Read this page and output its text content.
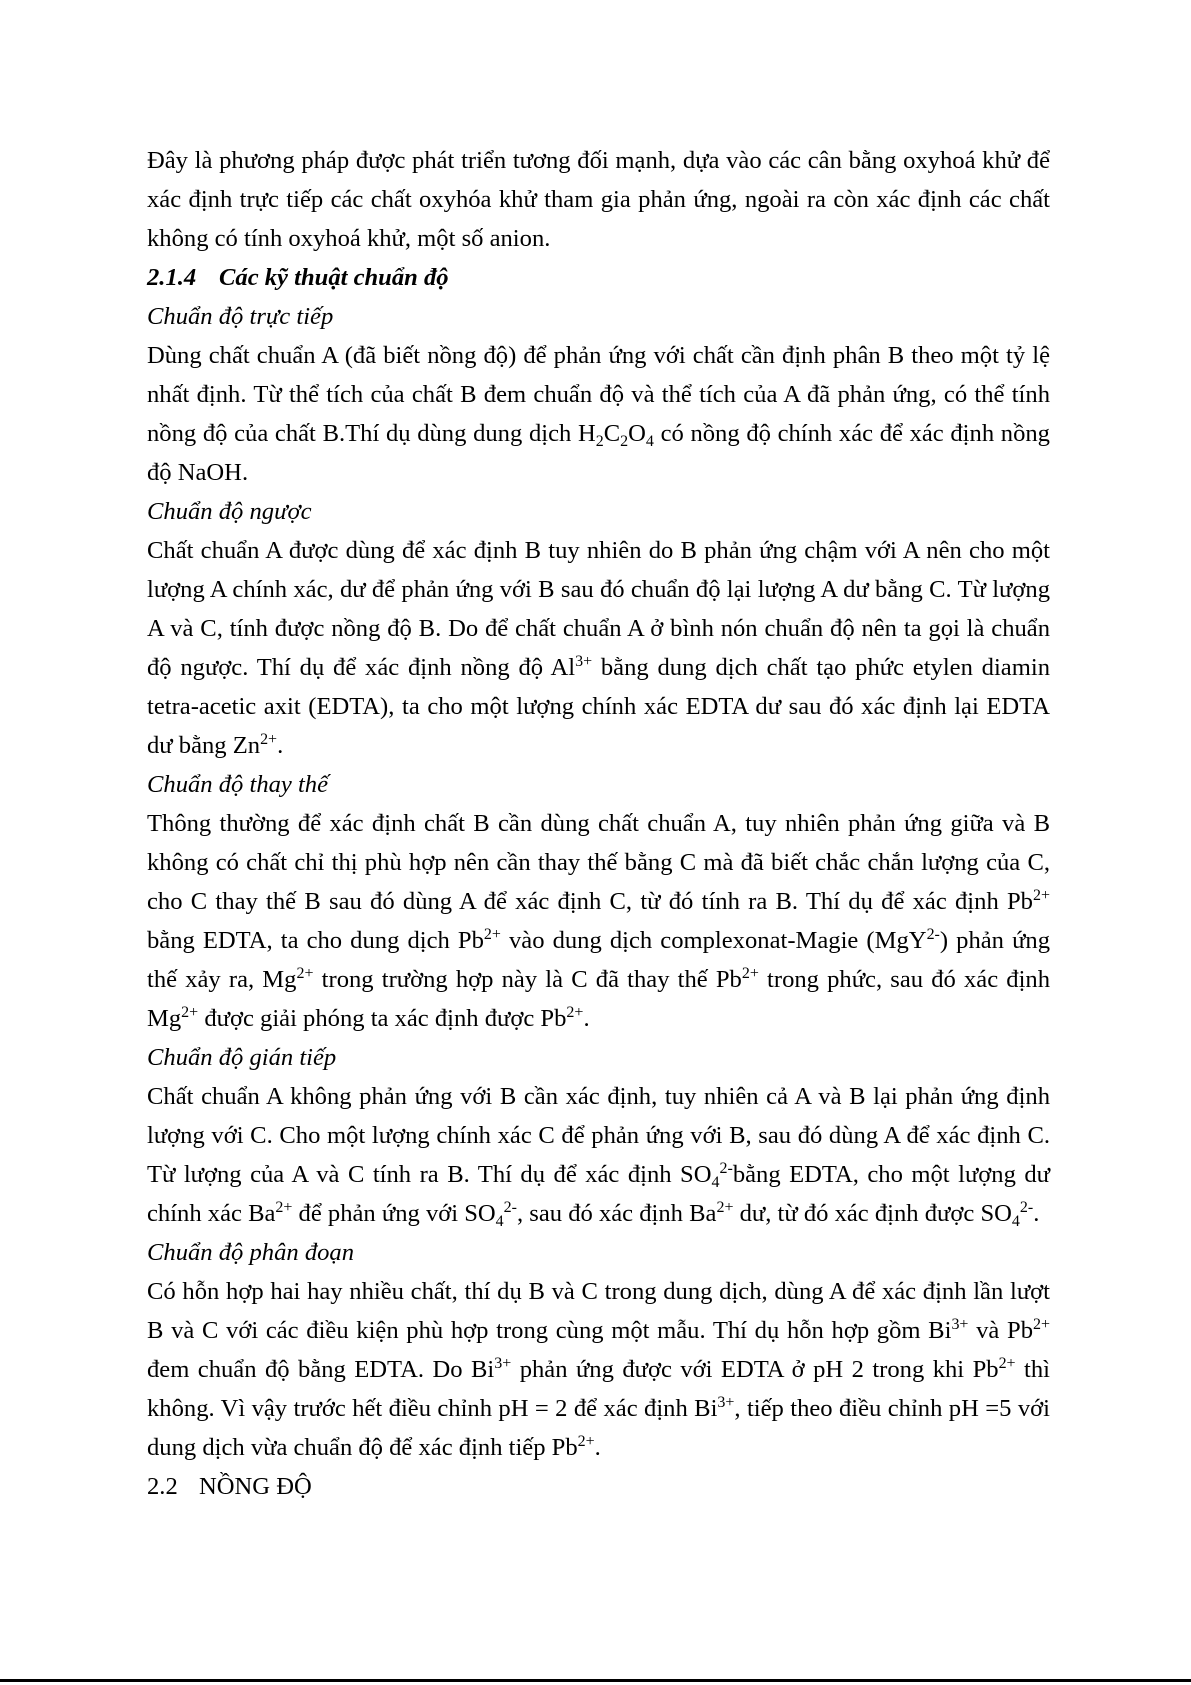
Đây là phương pháp được phát triển tương đối mạnh, dựa vào các cân bằng oxyhoá khử để xác định trực tiếp các chất oxyhóa khử tham gia phản ứng, ngoài ra còn xác định các chất không có tính oxyhoá khử, một số anion.

2.1.4 Các kỹ thuật chuẩn độ

Chuẩn độ trực tiếp

Dùng chất chuẩn A (đã biết nồng độ) để phản ứng với chất cần định phân B theo một tỷ lệ nhất định. Từ thể tích của chất B đem chuẩn độ và thể tích của A đã phản ứng, có thể tính nồng độ của chất B.Thí dụ dùng dung dịch $H_2C_2O_4$ có nồng độ chính xác để xác định nồng độ NaOH.

Chuẩn độ ngược

Chất chuẩn A được dùng để xác định B tuy nhiên do B phản ứng chậm với A nên cho một lượng A chính xác, dư để phản ứng với B sau đó chuẩn độ lại lượng A dư bằng C. Từ lượng A và C, tính được nồng độ B. Do để chất chuẩn A ở bình nón chuẩn độ nên ta gọi là chuẩn độ ngược. Thí dụ để xác định nồng độ $Al^{3+}$ bằng dung dịch chất tạo phức etylen diamin tetra-acetic axit (EDTA), ta cho một lượng chính xác EDTA dư sau đó xác định lại EDTA dư bằng $Zn^{2+}$.

Chuẩn độ thay thế

Thông thường để xác định chất B cần dùng chất chuẩn A, tuy nhiên phản ứng giữa và B không có chất chỉ thị phù hợp nên cần thay thế bằng C mà đã biết chắc chắn lượng của C, cho C thay thế B sau đó dùng A để xác định C, từ đó tính ra B. Thí dụ để xác định $Pb^{2+}$ bằng EDTA, ta cho dung dịch $Pb^{2+}$ vào dung dịch complexonat-Magie (MgY$^{2-}$) phản ứng thế xảy ra, $Mg^{2+}$ trong trường hợp này là C đã thay thế $Pb^{2+}$ trong phức, sau đó xác định $Mg^{2+}$ được giải phóng ta xác định được $Pb^{2+}$.

Chuẩn độ gián tiếp

Chất chuẩn A không phản ứng với B cần xác định, tuy nhiên cả A và B lại phản ứng định lượng với C. Cho một lượng chính xác C để phản ứng với B, sau đó dùng A để xác định C. Từ lượng của A và C tính ra B. Thí dụ để xác định $SO_4^{2-}bằng$ EDTA, cho một lượng dư chính xác $Ba^{2+}$ để phản ứng với $SO_4^{2-}$, sau đó xác định $Ba^{2+}$ dư, từ đó xác định được $SO_4^{2-}$.

Chuẩn độ phân đoạn

Có hỗn hợp hai hay nhiều chất, thí dụ B và C trong dung dịch, dùng A để xác định lần lượt B và C với các điều kiện phù hợp trong cùng một mẫu. Thí dụ hỗn hợp gồm $Bi^{3+}$ và $Pb^{2+}$ đem chuẩn độ bằng EDTA. Do $Bi^{3+}$ phản ứng được với EDTA ở pH 2 trong khi $Pb^{2+}$ thì không. Vì vậy trước hết điều chỉnh pH = 2 để xác định $Bi^{3+}$, tiếp theo điều chỉnh pH =5 với dung dịch vừa chuẩn độ để xác định tiếp $Pb^{2+}$.

2.2 NỒNG ĐỘ
